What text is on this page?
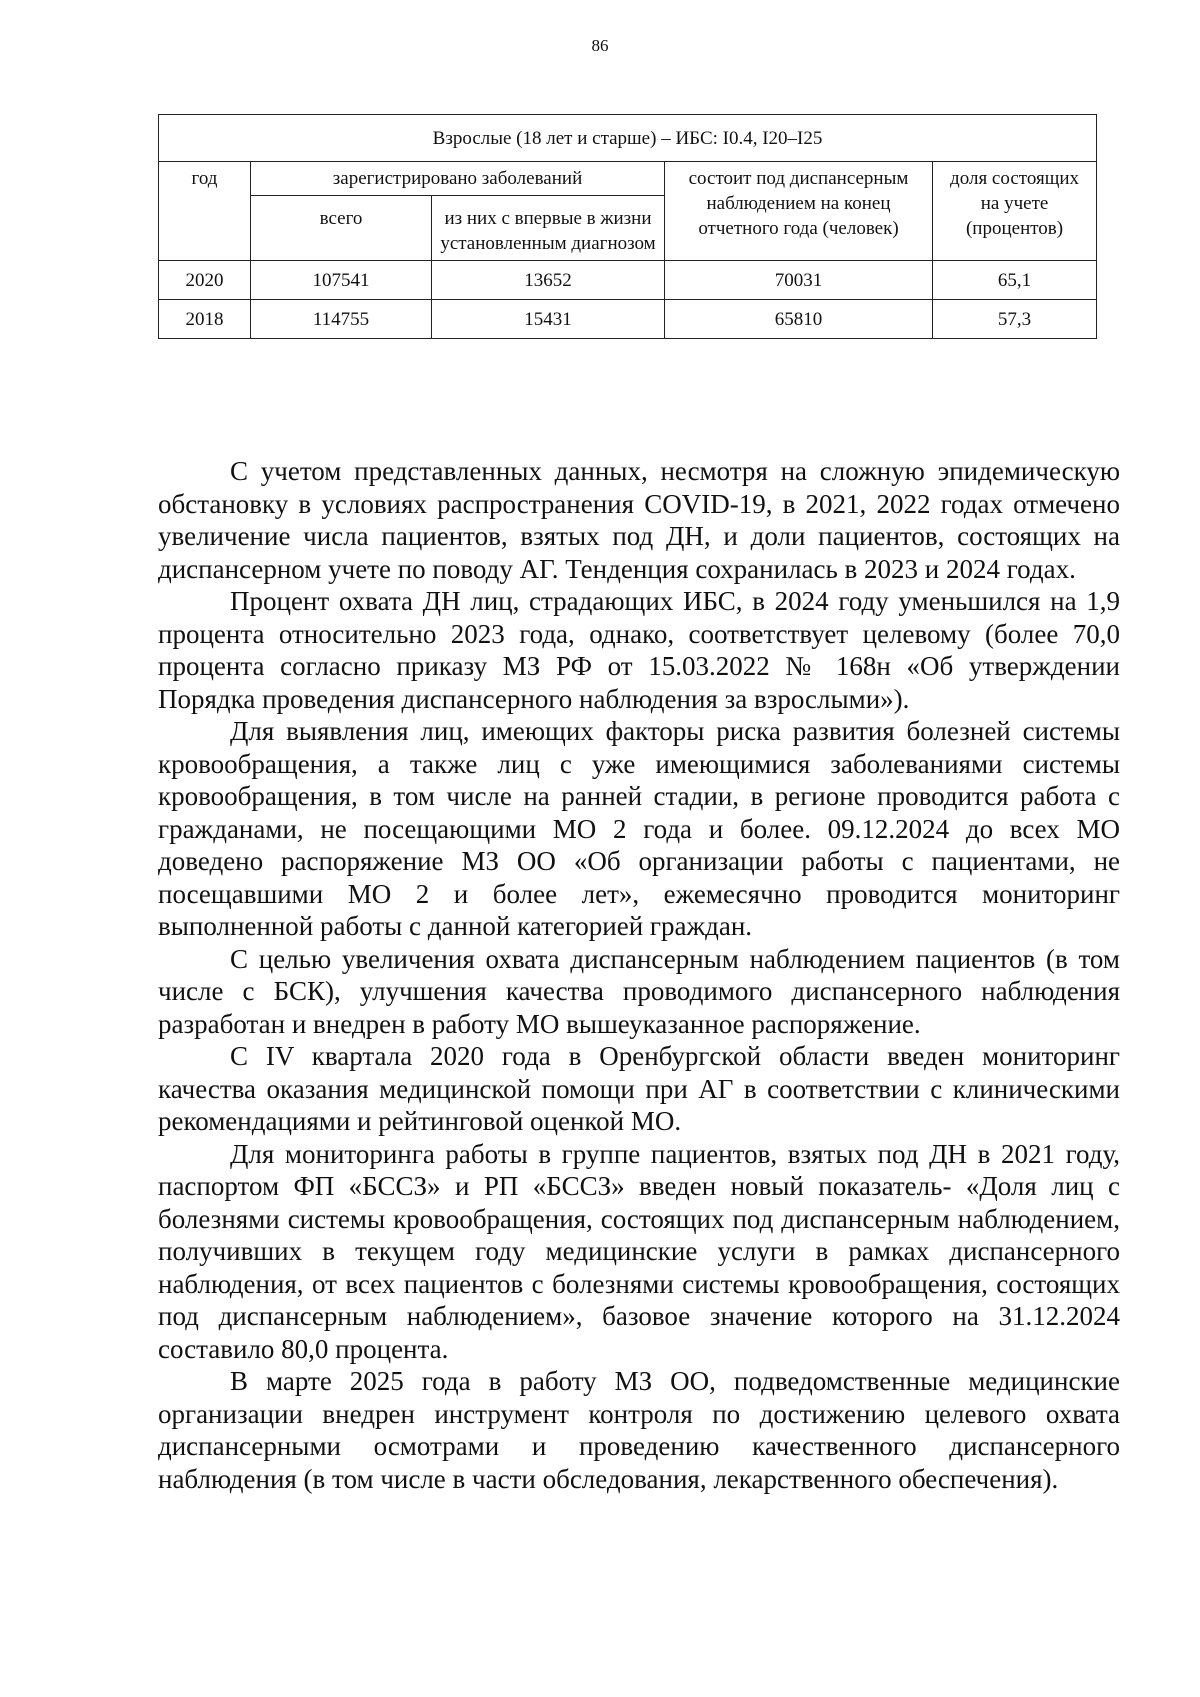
86
Взрослые (18 лет и старше) – ИБС: I0.4, I20–I25				
год	зарегистрировано заболеваний		состоит под диспансерным наблюдением на конец отчетного года (человек)	доля состоящих на учете (процентов)
	всего	из них с впервые в жизни установленным диагнозом		
2020	107541	13652	70031	65,1
2018	114755	15431	65810	57,3

С учетом представленных данных, несмотря на сложную эпидемическую обстановку в условиях распространения COVID-19, в 2021, 2022 годах отмечено увеличение числа пациентов, взятых под ДН, и доли пациентов, состоящих на диспансерном учете по поводу АГ. Тенденция сохранилась в 2023 и 2024 годах.

Процент охвата ДН лиц, страдающих ИБС, в 2024 году уменьшился на 1,9 процента относительно 2023 года, однако, соответствует целевому (более 70,0 процента согласно приказу МЗ РФ от 15.03.2022 № 168н «Об утверждении Порядка проведения диспансерного наблюдения за взрослыми»).

Для выявления лиц, имеющих факторы риска развития болезней системы кровообращения, а также лиц с уже имеющимися заболеваниями системы кровообращения, в том числе на ранней стадии, в регионе проводится работа с гражданами, не посещающими МО 2 года и более. 09.12.2024 до всех МО доведено распоряжение МЗ ОО «Об организации работы с пациентами, не посещавшими МО 2 и более лет», ежемесячно проводится мониторинг выполненной работы с данной категорией граждан.

С целью увеличения охвата диспансерным наблюдением пациентов (в том числе с БСК), улучшения качества проводимого диспансерного наблюдения разработан и внедрен в работу МО вышеуказанное распоряжение.

С IV квартала 2020 года в Оренбургской области введен мониторинг качества оказания медицинской помощи при АГ в соответствии с клиническими рекомендациями и рейтинговой оценкой МО.

Для мониторинга работы в группе пациентов, взятых под ДН в 2021 году, паспортом ФП «БССЗ» и РП «БССЗ» введен новый показатель- «Доля лиц с болезнями системы кровообращения, состоящих под диспансерным наблюдением, получивших в текущем году медицинские услуги в рамках диспансерного наблюдения, от всех пациентов с болезнями системы кровообращения, состоящих под диспансерным наблюдением», базовое значение которого на 31.12.2024 составило 80,0 процента.

В марте 2025 года в работу МЗ ОО, подведомственные медицинские организации внедрен инструмент контроля по достижению целевого охвата диспансерными осмотрами и проведению качественного диспансерного наблюдения (в том числе в части обследования, лекарственного обеспечения).
